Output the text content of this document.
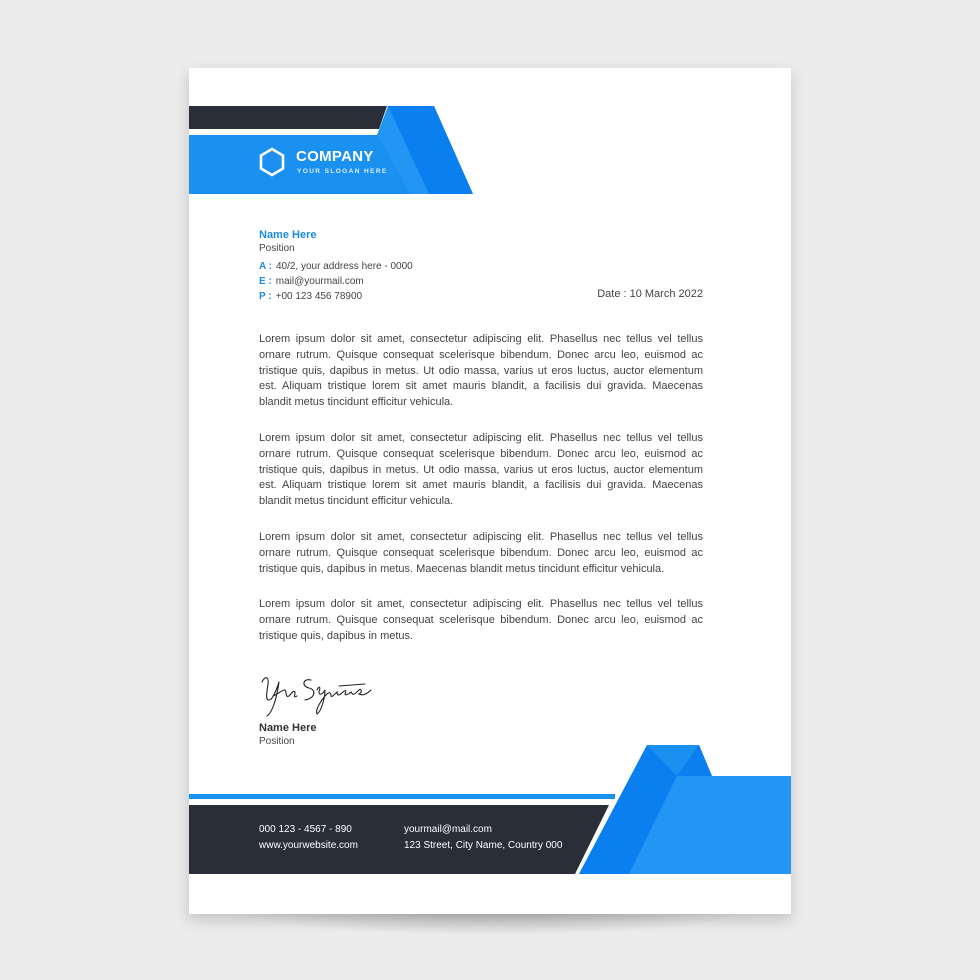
COMPANY
YOUR SLOGAN HERE
Name Here
Position
A : 40/2, your address here - 0000
E : mail@yourmail.com
P : +00 123 456 78900	Date : 10 March 2022

Lorem ipsum dolor sit amet, consectetur adipiscing elit. Phasellus nec tellus vel tellus ornare rutrum. Quisque consequat scelerisque bibendum. Donec arcu leo, euismod ac tristique quis, dapibus in metus. Ut odio massa, varius ut eros luctus, auctor elementum est. Aliquam tristique lorem sit amet mauris blandit, a facilisis dui gravida. Maecenas blandit metus tincidunt efficitur vehicula.

Lorem ipsum dolor sit amet, consectetur adipiscing elit. Phasellus nec tellus vel tellus ornare rutrum. Quisque consequat scelerisque bibendum. Donec arcu leo, euismod ac tristique quis, dapibus in metus. Ut odio massa, varius ut eros luctus, auctor elementum est. Aliquam tristique lorem sit amet mauris blandit, a facilisis dui gravida. Maecenas blandit metus tincidunt efficitur vehicula.

Lorem ipsum dolor sit amet, consectetur adipiscing elit. Phasellus nec tellus vel tellus ornare rutrum. Quisque consequat scelerisque bibendum. Donec arcu leo, euismod ac tristique quis, dapibus in metus. Maecenas blandit metus tincidunt efficitur vehicula.

Lorem ipsum dolor sit amet, consectetur adipiscing elit. Phasellus nec tellus vel tellus ornare rutrum. Quisque consequat scelerisque bibendum. Donec arcu leo, euismod ac tristique quis, dapibus in metus.

Name Here
Position
000 123 - 4567 - 890
www.yourwebsite.com
yourmail@mail.com
123 Street, City Name, Country 000
